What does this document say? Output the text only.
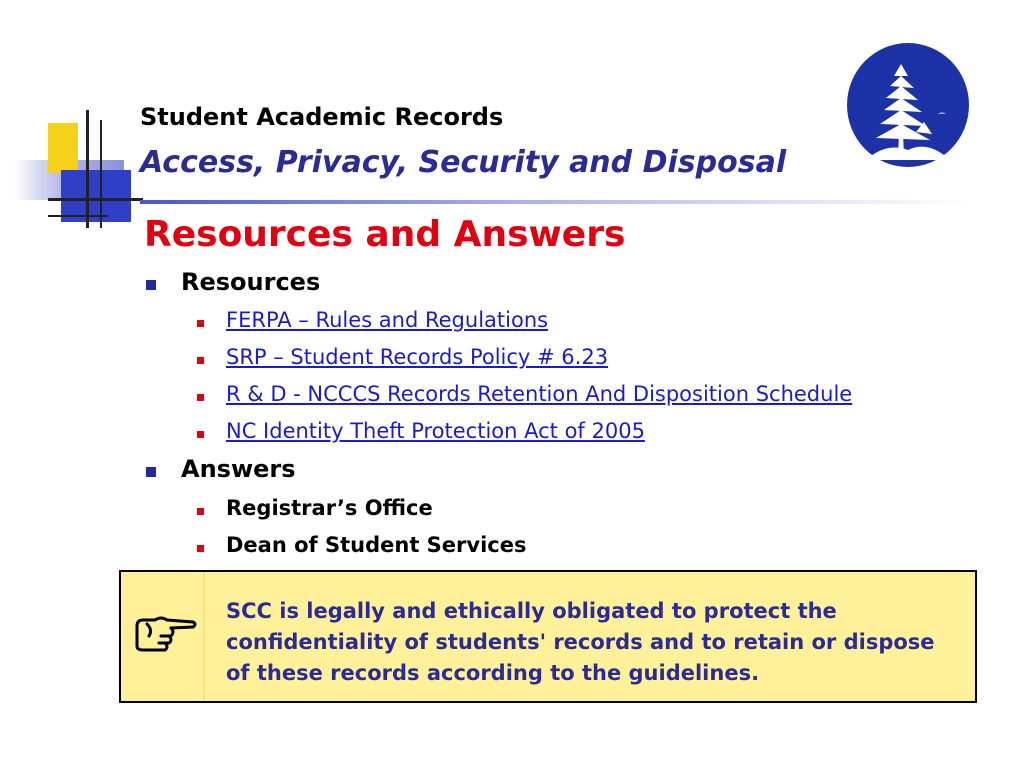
Student Academic Records
Access, Privacy, Security and Disposal
Resources and Answers
Resources
FERPA – Rules and Regulations
SRP – Student Records Policy # 6.23
R & D - NCCCS Records Retention And Disposition Schedule
NC Identity Theft Protection Act of 2005
Answers
Registrar’s Office
Dean of Student Services
SCC is legally and ethically obligated to protect the confidentiality of students' records and to retain or dispose of these records according to the guidelines.
